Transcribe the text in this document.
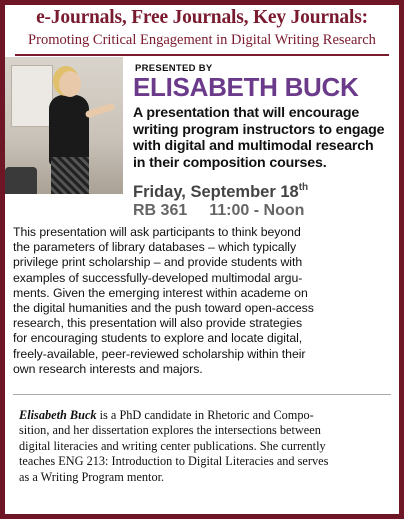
e-Journals, Free Journals, Key Journals:
Promoting Critical Engagement in Digital Writing Research
PRESENTED BY
ELISABETH BUCK
A presentation that will encourage
writing program instructors to engage
with digital and multimodal research
in their composition courses.
Friday, September 18th
RB 361 11:00 - Noon
This presentation will ask participants to think beyond
the parameters of library databases – which typically
privilege print scholarship – and provide students with
examples of successfully-developed multimodal argu-
ments. Given the emerging interest within academe on
the digital humanities and the push toward open-access
research, this presentation will also provide strategies
for encouraging students to explore and locate digital,
freely-available, peer-reviewed scholarship within their
own research interests and majors.
Elisabeth Buck is a PhD candidate in Rhetoric and Compo-
sition, and her dissertation explores the intersections between
digital literacies and writing center publications. She currently
teaches ENG 213: Introduction to Digital Literacies and serves
as a Writing Program mentor.
